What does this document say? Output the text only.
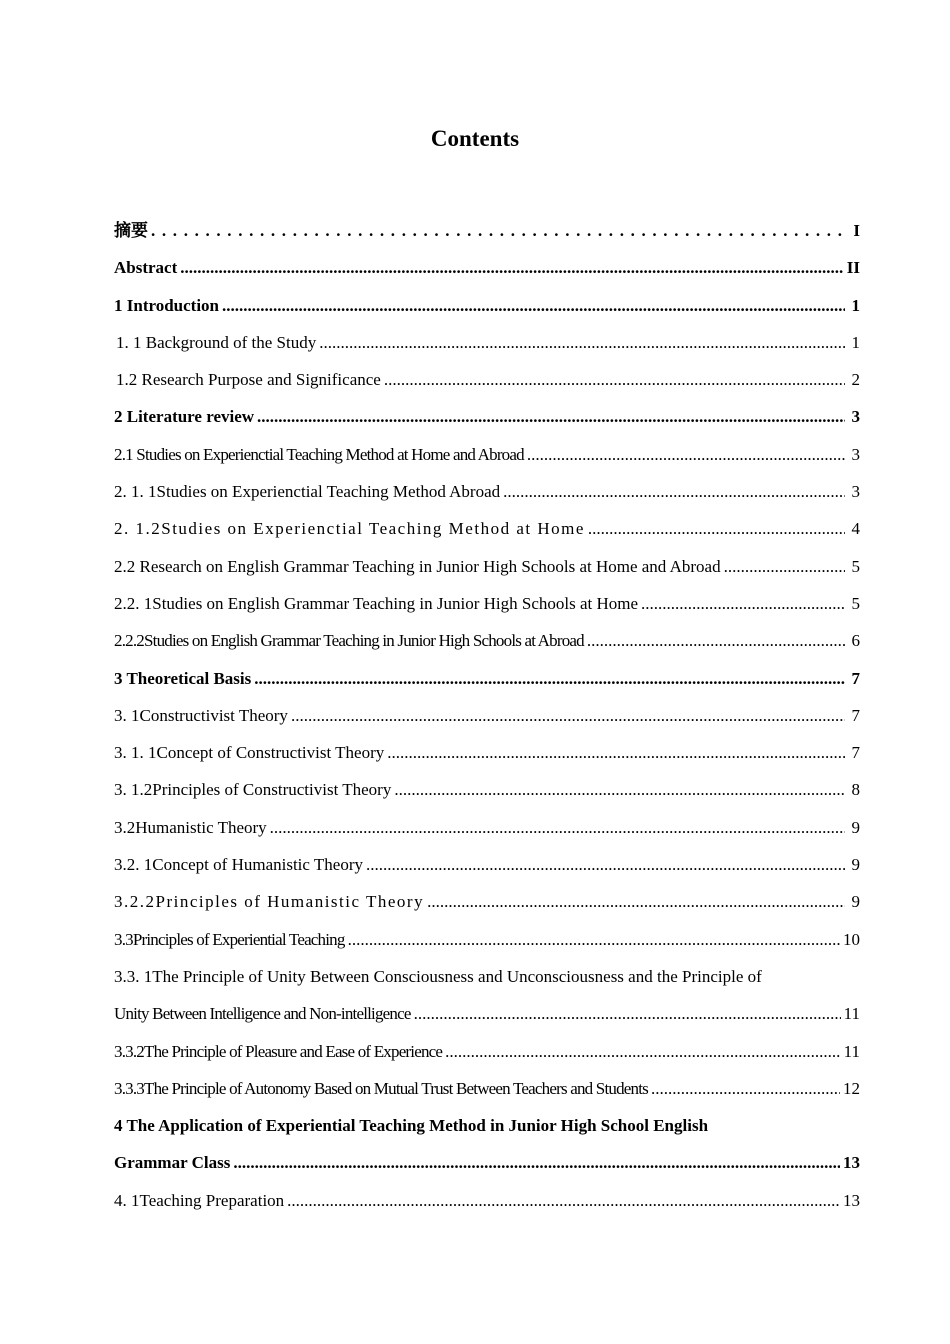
Contents
摘要 . . .	I
Abstract .....	II
1 Introduction .....	1
1. 1 Background of the Study .....	1
1.2 Research Purpose and Significance .....	2
2 Literature review .....	3
2.1 Studies on Experienctial Teaching Method at Home and Abroad .....	3
2. 1. 1Studies on Experienctial Teaching Method Abroad .....	3
2. 1.2Studies on Experienctial Teaching Method at Home .....	4
2.2 Research on English Grammar Teaching in Junior High Schools at Home and Abroad .....	5
2.2. 1Studies on English Grammar Teaching in Junior High Schools at Home .....	5
2.2.2Studies on English Grammar Teaching in Junior High Schools at Abroad .....	6
3 Theoretical Basis .....	7
3. 1Constructivist Theory .....	7
3. 1. 1Concept of Constructivist Theory .....	7
3. 1.2Principles of Constructivist Theory .....	8
3.2Humanistic Theory .....	9
3.2. 1Concept of Humanistic Theory .....	9
3.2.2Principles of Humanistic Theory .....	9
3.3Principles of Experiential Teaching .....	10
3.3. 1The Principle of Unity Between Consciousness and Unconsciousness and the Principle of
Unity Between Intelligence and Non-intelligence .....	11
3.3.2The Principle of Pleasure and Ease of Experience .....	11
3.3.3The Principle of Autonomy Based on Mutual Trust Between Teachers and Students .....	12
4 The Application of Experiential Teaching Method in Junior High School English
Grammar Class .....	13
4. 1Teaching Preparation .....	13
